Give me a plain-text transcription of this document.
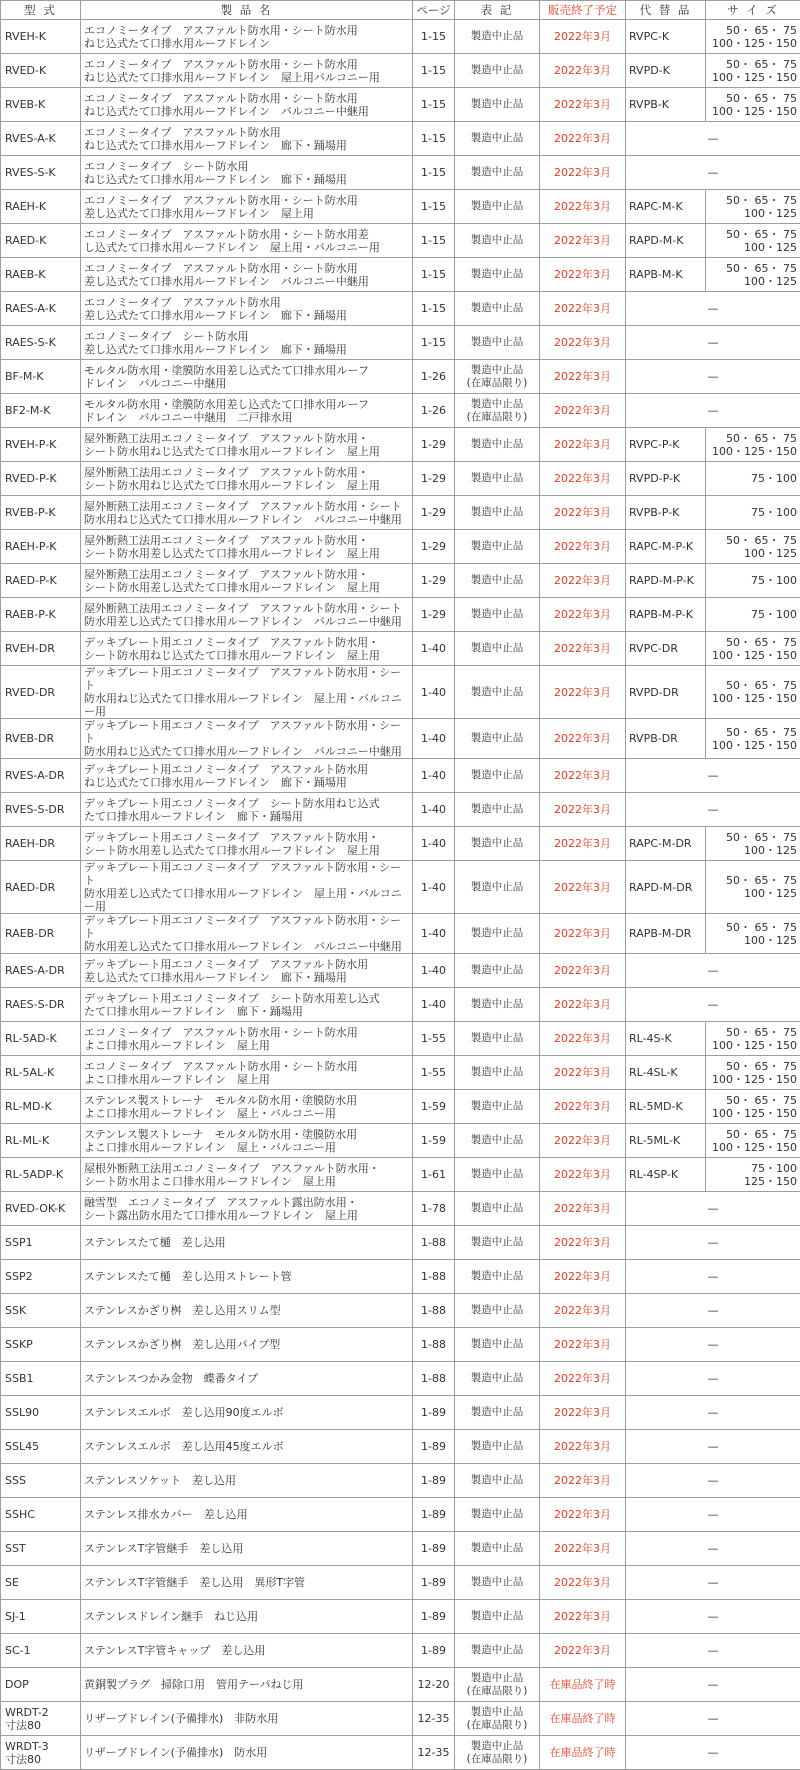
型 式	製 品 名	ページ	表 記	販売終了予定	代 替 品	サ イ ズ
RVEH-K	エコノミータイプ　アスファルト防水用・シート防水用
ねじ込式たて口排水用ルーフドレイン	1-15	製造中止品	2022年3月	RVPC-K	50・ 65・ 75
100・125・150
RVED-K	エコノミータイプ　アスファルト防水用・シート防水用
ねじ込式たて口排水用ルーフドレイン　屋上用バルコニー用	1-15	製造中止品	2022年3月	RVPD-K	50・ 65・ 75
100・125・150
RVEB-K	エコノミータイプ　アスファルト防水用・シート防水用
ねじ込式たて口排水用ルーフドレイン　バルコニー中継用	1-15	製造中止品	2022年3月	RVPB-K	50・ 65・ 75
100・125・150
RVES-A-K	エコノミータイプ　アスファルト防水用
ねじ込式たて口排水用ルーフドレイン　廊下・踊場用	1-15	製造中止品	2022年3月	—	
RVES-S-K	エコノミータイプ　シート防水用
ねじ込式たて口排水用ルーフドレイン　廊下・踊場用	1-15	製造中止品	2022年3月	—	
RAEH-K	エコノミータイプ　アスファルト防水用・シート防水用
差し込式たて口排水用ルーフドレイン　屋上用	1-15	製造中止品	2022年3月	RAPC-M-K	50・ 65・ 75
100・125
RAED-K	エコノミータイプ　アスファルト防水用・シート防水用差
し込式たて口排水用ルーフドレイン　屋上用・バルコニー用	1-15	製造中止品	2022年3月	RAPD-M-K	50・ 65・ 75
100・125
RAEB-K	エコノミータイプ　アスファルト防水用・シート防水用
差し込式たて口排水用ルーフドレイン　バルコニー中継用	1-15	製造中止品	2022年3月	RAPB-M-K	50・ 65・ 75
100・125
RAES-A-K	エコノミータイプ　アスファルト防水用
差し込式たて口排水用ルーフドレイン　廊下・踊場用	1-15	製造中止品	2022年3月	—	
RAES-S-K	エコノミータイプ　シート防水用
差し込式たて口排水用ルーフドレイン　廊下・踊場用	1-15	製造中止品	2022年3月	—	
BF-M-K	モルタル防水用・塗膜防水用差し込式たて口排水用ルーフ
ドレイン　バルコニー中継用	1-26	製造中止品
(在庫品限り)	2022年3月	—	
BF2-M-K	モルタル防水用・塗膜防水用差し込式たて口排水用ルーフ
ドレイン　バルコニー中継用　二戸排水用	1-26	製造中止品
(在庫品限り)	2022年3月	—	
RVEH-P-K	屋外断熱工法用エコノミータイプ　アスファルト防水用・
シート防水用ねじ込式たて口排水用ルーフドレイン　屋上用	1-29	製造中止品	2022年3月	RVPC-P-K	50・ 65・ 75
100・125・150
RVED-P-K	屋外断熱工法用エコノミータイプ　アスファルト防水用・
シート防水用ねじ込式たて口排水用ルーフドレイン　屋上用	1-29	製造中止品	2022年3月	RVPD-P-K	75・100
RVEB-P-K	屋外断熱工法用エコノミータイプ　アスファルト防水用・シート
防水用ねじ込式たて口排水用ルーフドレイン　バルコニー中継用	1-29	製造中止品	2022年3月	RVPB-P-K	75・100
RAEH-P-K	屋外断熱工法用エコノミータイプ　アスファルト防水用・
シート防水用差し込式たて口排水用ルーフドレイン　屋上用	1-29	製造中止品	2022年3月	RAPC-M-P-K	50・ 65・ 75
100・125
RAED-P-K	屋外断熱工法用エコノミータイプ　アスファルト防水用・
シート防水用差し込式たて口排水用ルーフドレイン　屋上用	1-29	製造中止品	2022年3月	RAPD-M-P-K	75・100
RAEB-P-K	屋外断熱工法用エコノミータイプ　アスファルト防水用・シート
防水用差し込式たて口排水用ルーフドレイン　バルコニー中継用	1-29	製造中止品	2022年3月	RAPB-M-P-K	75・100
RVEH-DR	デッキプレート用エコノミータイプ　アスファルト防水用・
シート防水用ねじ込式たて口排水用ルーフドレイン　屋上用	1-40	製造中止品	2022年3月	RVPC-DR	50・ 65・ 75
100・125・150
RVED-DR	デッキプレート用エコノミータイプ　アスファルト防水用・シート
防水用ねじ込式たて口排水用ルーフドレイン　屋上用・バルコニー用	1-40	製造中止品	2022年3月	RVPD-DR	50・ 65・ 75
100・125・150
RVEB-DR	デッキプレート用エコノミータイプ　アスファルト防水用・シート
防水用ねじ込式たて口排水用ルーフドレイン　バルコニー中継用	1-40	製造中止品	2022年3月	RVPB-DR	50・ 65・ 75
100・125・150
RVES-A-DR	デッキプレート用エコノミータイプ　アスファルト防水用
ねじ込式たて口排水用ルーフドレイン　廊下・踊場用	1-40	製造中止品	2022年3月	—	
RVES-S-DR	デッキプレート用エコノミータイプ　シート防水用ねじ込式
たて口排水用ルーフドレイン　廊下・踊場用	1-40	製造中止品	2022年3月	—	
RAEH-DR	デッキプレート用エコノミータイプ　アスファルト防水用・
シート防水用差し込式たて口排水用ルーフドレイン　屋上用	1-40	製造中止品	2022年3月	RAPC-M-DR	50・ 65・ 75
100・125
RAED-DR	デッキプレート用エコノミータイプ　アスファルト防水用・シート
防水用差し込式たて口排水用ルーフドレイン　屋上用・バルコニー用	1-40	製造中止品	2022年3月	RAPD-M-DR	50・ 65・ 75
100・125
RAEB-DR	デッキプレート用エコノミータイプ　アスファルト防水用・シート
防水用差し込式たて口排水用ルーフドレイン　バルコニー中継用	1-40	製造中止品	2022年3月	RAPB-M-DR	50・ 65・ 75
100・125
RAES-A-DR	デッキプレート用エコノミータイプ　アスファルト防水用
差し込式たて口排水用ルーフドレイン　廊下・踊場用	1-40	製造中止品	2022年3月	—	
RAES-S-DR	デッキプレート用エコノミータイプ　シート防水用差し込式
たて口排水用ルーフドレイン　廊下・踊場用	1-40	製造中止品	2022年3月	—	
RL-5AD-K	エコノミータイプ　アスファルト防水用・シート防水用
よこ口排水用ルーフドレイン　屋上用	1-55	製造中止品	2022年3月	RL-4S-K	50・ 65・ 75
100・125・150
RL-5AL-K	エコノミータイプ　アスファルト防水用・シート防水用
よこ口排水用ルーフドレイン　屋上用	1-55	製造中止品	2022年3月	RL-4SL-K	50・ 65・ 75
100・125・150
RL-MD-K	ステンレス製ストレーナ　モルタル防水用・塗膜防水用
よこ口排水用ルーフドレイン　屋上・バルコニー用	1-59	製造中止品	2022年3月	RL-5MD-K	50・ 65・ 75
100・125・150
RL-ML-K	ステンレス製ストレーナ　モルタル防水用・塗膜防水用
よこ口排水用ルーフドレイン　屋上・バルコニー用	1-59	製造中止品	2022年3月	RL-5ML-K	50・ 65・ 75
100・125・150
RL-5ADP-K	屋根外断熱工法用エコノミータイプ　アスファルト防水用・
シート防水用よこ口排水用ルーフドレイン　屋上用	1-61	製造中止品	2022年3月	RL-4SP-K	75・100
125・150
RVED-OK-K	融雪型　エコノミータイプ　アスファルト露出防水用・
シート露出防水用たて口排水用ルーフドレイン　屋上用	1-78	製造中止品	2022年3月	—	
SSP1	ステンレスたて樋　差し込用	1-88	製造中止品	2022年3月	—	
SSP2	ステンレスたて樋　差し込用ストレート管	1-88	製造中止品	2022年3月	—	
SSK	ステンレスかざり桝　差し込用スリム型	1-88	製造中止品	2022年3月	—	
SSKP	ステンレスかざり桝　差し込用パイプ型	1-88	製造中止品	2022年3月	—	
SSB1	ステンレスつかみ金物　蝶番タイプ	1-88	製造中止品	2022年3月	—	
SSL90	ステンレスエルボ　差し込用90度エルボ	1-89	製造中止品	2022年3月	—	
SSL45	ステンレスエルボ　差し込用45度エルボ	1-89	製造中止品	2022年3月	—	
SSS	ステンレスソケット　差し込用	1-89	製造中止品	2022年3月	—	
SSHC	ステンレス排水カバー　差し込用	1-89	製造中止品	2022年3月	—	
SST	ステンレスT字管継手　差し込用	1-89	製造中止品	2022年3月	—	
SE	ステンレスT字管継手　差し込用　異形T字管	1-89	製造中止品	2022年3月	—	
SJ-1	ステンレスドレイン継手　ねじ込用	1-89	製造中止品	2022年3月	—	
SC-1	ステンレスT字管キャップ　差し込用	1-89	製造中止品	2022年3月	—	
DOP	黄銅製プラグ　掃除口用　管用テーパねじ用	12-20	製造中止品
(在庫品限り)	在庫品終了時	—	
WRDT-2
寸法80	リザーブドレイン(予備排水)　非防水用	12-35	製造中止品
(在庫品限り)	在庫品終了時	—	
WRDT-3
寸法80	リザーブドレイン(予備排水)　防水用	12-35	製造中止品
(在庫品限り)	在庫品終了時	—	
